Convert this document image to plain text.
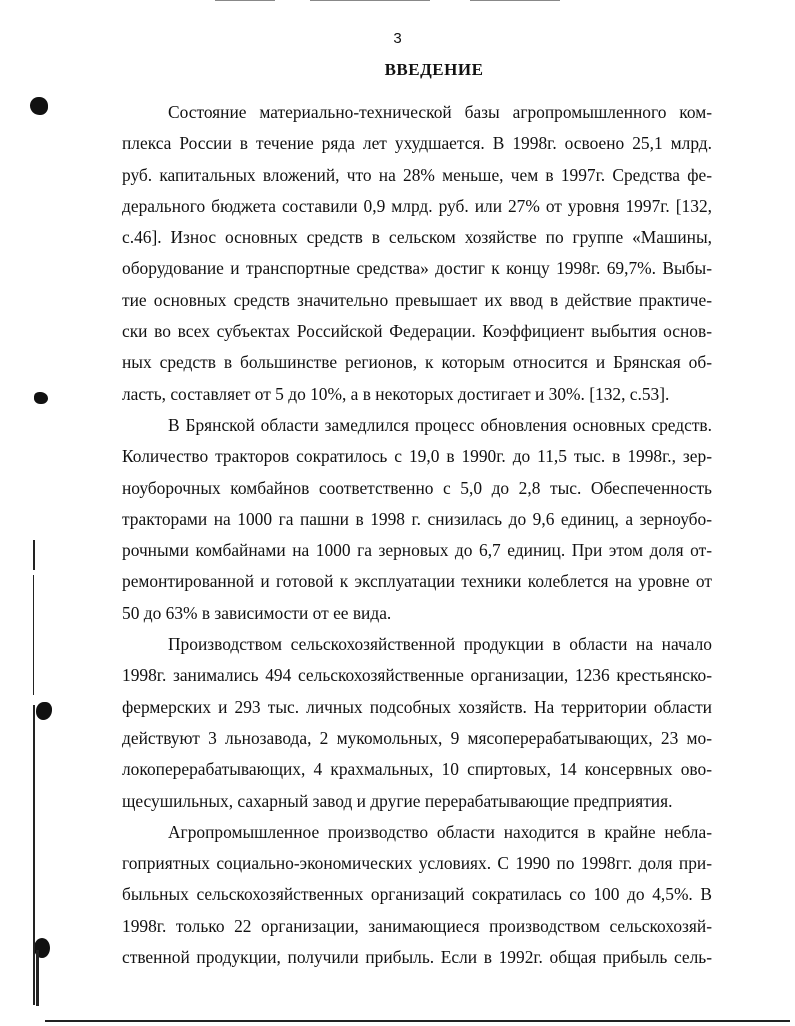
3
ВВЕДЕНИЕ

Состояние материально-технической базы агропромышленного ком-
плекса России в течение ряда лет ухудшается. В 1998г. освоено 25,1 млрд.
руб. капитальных вложений, что на 28% меньше, чем в 1997г. Средства фе-
дерального бюджета составили 0,9 млрд. руб. или 27% от уровня 1997г. [132,
с.46]. Износ основных средств в сельском хозяйстве по группе «Машины,
оборудование и транспортные средства» достиг к концу 1998г. 69,7%. Выбы-
тие основных средств значительно превышает их ввод в действие практиче-
ски во всех субъектах Российской Федерации. Коэффициент выбытия основ-
ных средств в большинстве регионов, к которым относится и Брянская об-
ласть, составляет от 5 до 10%, а в некоторых достигает и 30%. [132, с.53].

В Брянской области замедлился процесс обновления основных средств.
Количество тракторов сократилось с 19,0 в 1990г. до 11,5 тыс. в 1998г., зер-
ноуборочных комбайнов соответственно с 5,0 до 2,8 тыс. Обеспеченность
тракторами на 1000 га пашни в 1998 г. снизилась до 9,6 единиц, а зерноубо-
рочными комбайнами на 1000 га зерновых до 6,7 единиц. При этом доля от-
ремонтированной и готовой к эксплуатации техники колеблется на уровне от
50 до 63% в зависимости от ее вида.

Производством сельскохозяйственной продукции в области на начало
1998г. занимались 494 сельскохозяйственные организации, 1236 крестьянско-
фермерских и 293 тыс. личных подсобных хозяйств. На территории области
действуют 3 льнозавода, 2 мукомольных, 9 мясоперерабатывающих, 23 мо-
локоперерабатывающих, 4 крахмальных, 10 спиртовых, 14 консервных ово-
щесушильных, сахарный завод и другие перерабатывающие предприятия.

Агропромышленное производство области находится в крайне небла-
гоприятных социально-экономических условиях. С 1990 по 1998гг. доля при-
быльных сельскохозяйственных организаций сократилась со 100 до 4,5%. В
1998г. только 22 организации, занимающиеся производством сельскохозяй-
ственной продукции, получили прибыль. Если в 1992г. общая прибыль сель-
